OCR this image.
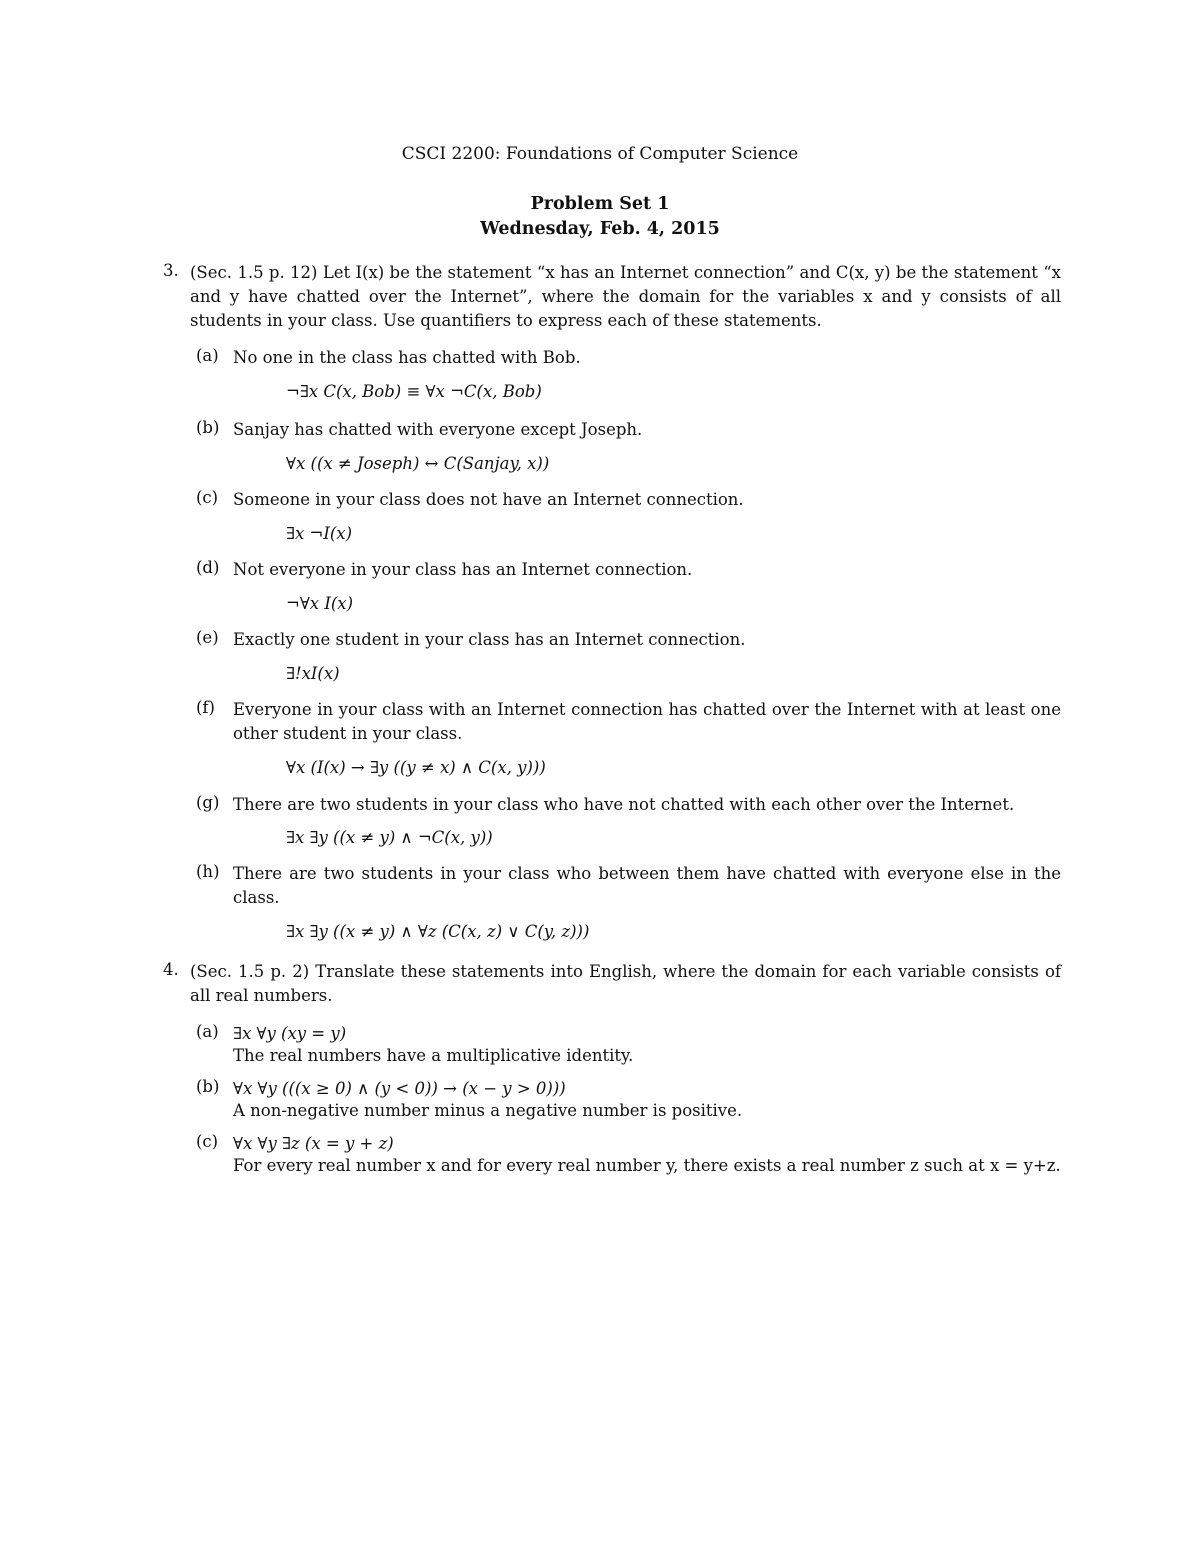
CSCI 2200: Foundations of Computer Science
Problem Set 1
Wednesday, Feb. 4, 2015
3. (Sec. 1.5 p. 12) Let I(x) be the statement “x has an Internet connection” and C(x, y) be the statement “x and y have chatted over the Internet”, where the domain for the variables x and y consists of all students in your class. Use quantifiers to express each of these statements.
(a) No one in the class has chatted with Bob.
¬∃x C(x, Bob) ≡ ∀x ¬C(x, Bob)
(b) Sanjay has chatted with everyone except Joseph.
∀x ((x ≠ Joseph) ↔ C(Sanjay, x))
(c) Someone in your class does not have an Internet connection.
∃x ¬I(x)
(d) Not everyone in your class has an Internet connection.
¬∀x I(x)
(e) Exactly one student in your class has an Internet connection.
∃!xI(x)
(f) Everyone in your class with an Internet connection has chatted over the Internet with at least one other student in your class.
∀x (I(x) → ∃y ((y ≠ x) ∧ C(x, y)))
(g) There are two students in your class who have not chatted with each other over the Internet.
∃x ∃y ((x ≠ y) ∧ ¬C(x, y))
(h) There are two students in your class who between them have chatted with everyone else in the class.
∃x ∃y ((x ≠ y) ∧ ∀z (C(x, z) ∨ C(y, z)))
4. (Sec. 1.5 p. 2) Translate these statements into English, where the domain for each variable consists of all real numbers.
(a) ∃x ∀y (xy = y)
The real numbers have a multiplicative identity.
(b) ∀x ∀y (((x ≥ 0) ∧ (y < 0)) → (x − y > 0)))
A non-negative number minus a negative number is positive.
(c) ∀x ∀y ∃z (x = y + z)
For every real number x and for every real number y, there exists a real number z such at x = y+z.
